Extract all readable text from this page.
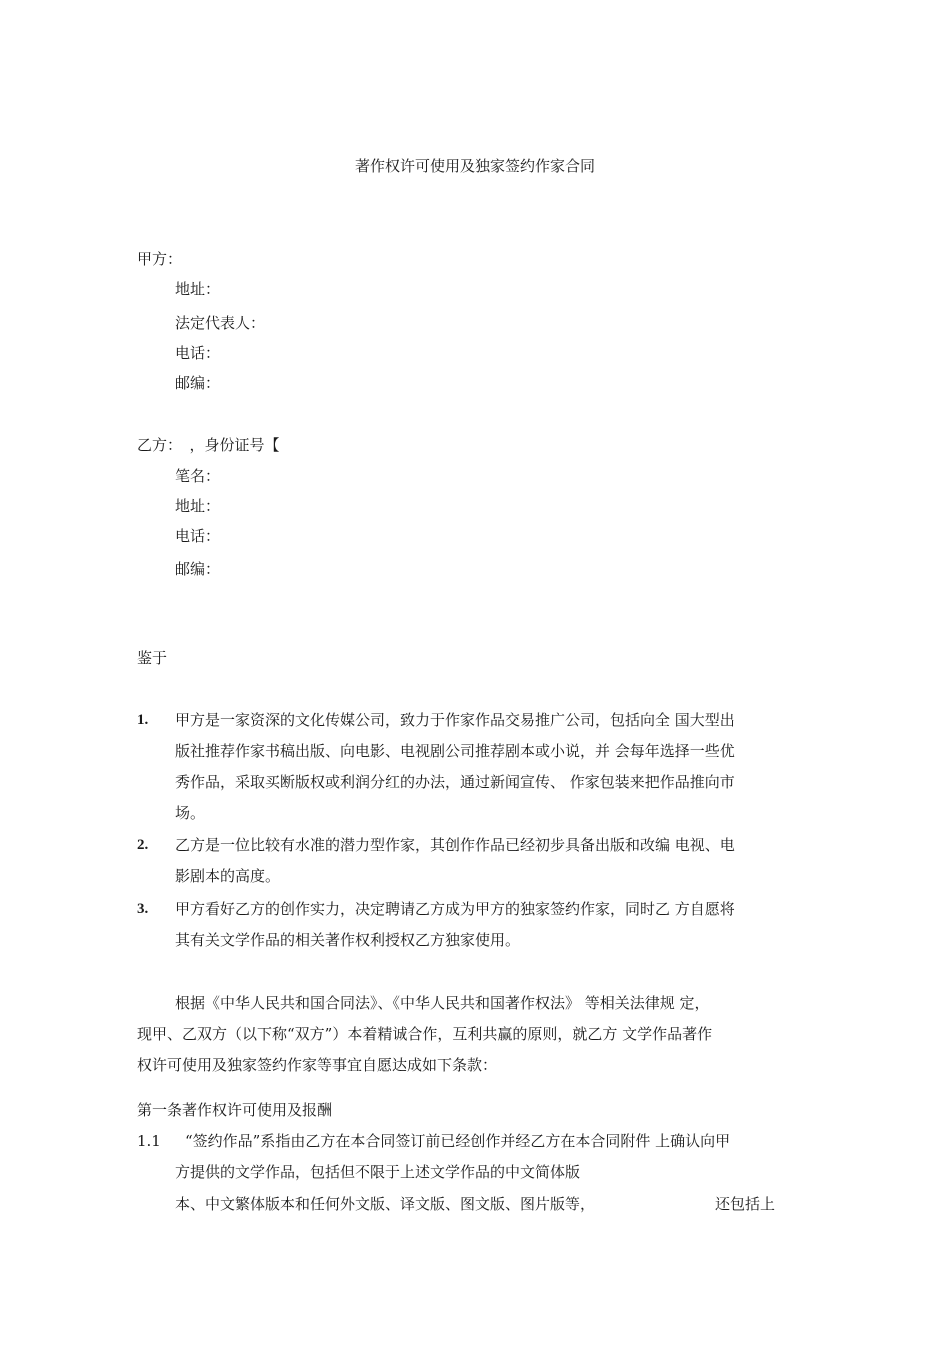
著作权许可使用及独家签约作家合同
甲方：
地址：
法定代表人：
电话：
邮编：
乙方：　，身份证号【
笔名：
地址：
电话：
邮编：
鉴于
1. 甲方是一家资深的文化传媒公司，致力于作家作品交易推广公司，包括向全 国大型出
版社推荐作家书稿出版、向电影、电视剧公司推荐剧本或小说，并 会每年选择一些优
秀作品，采取买断版权或利润分红的办法，通过新闻宣传、 作家包装来把作品推向市
场。
2. 乙方是一位比较有水准的潜力型作家，其创作作品已经初步具备出版和改编 电视、电
影剧本的高度。
3. 甲方看好乙方的创作实力，决定聘请乙方成为甲方的独家签约作家，同时乙 方自愿将
其有关文学作品的相关著作权利授权乙方独家使用。
根据《中华人民共和国合同法》、《中华人民共和国著作权法》 等相关法律规 定，
现甲、乙双方（以下称“双方”）本着精诚合作，互利共赢的原则，就乙方 文学作品著作
权许可使用及独家签约作家等事宜自愿达成如下条款：
第一条著作权许可使用及报酬
1.1 “签约作品”系指由乙方在本合同签订前已经创作并经乙方在本合同附件 上确认向甲
方提供的文学作品，包括但不限于上述文学作品的中文简体版
本、中文繁体版本和任何外文版、译文版、图文版、图片版等，	还包括上
